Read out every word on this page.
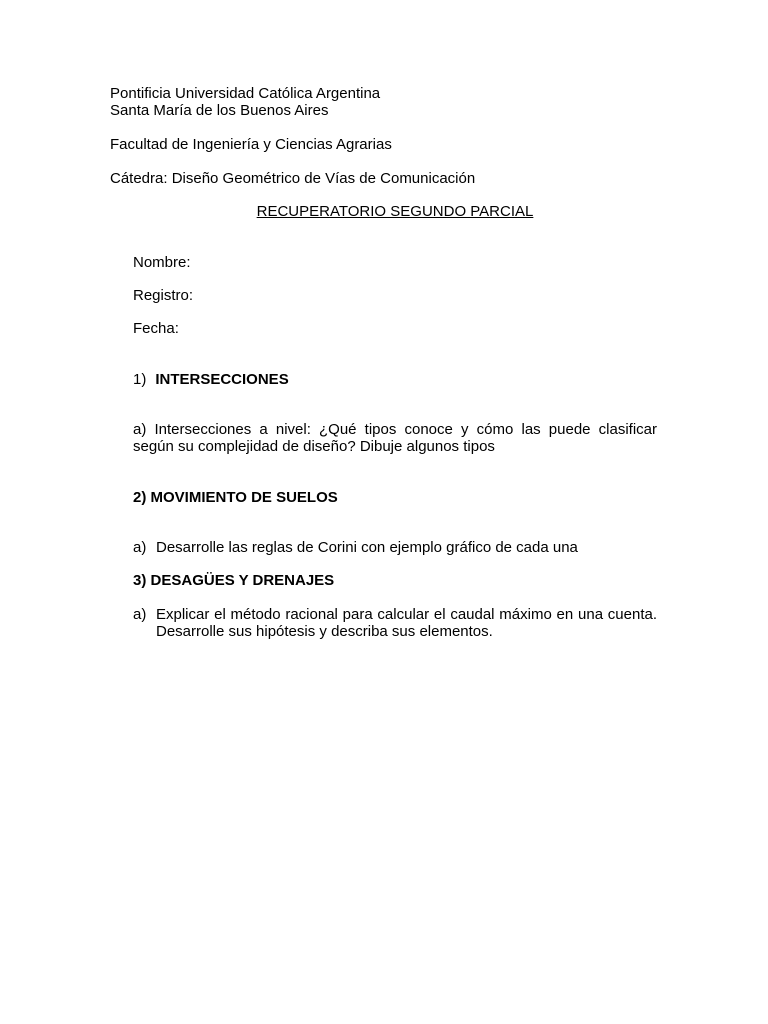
Pontificia Universidad Católica Argentina
Santa María de los Buenos Aires
Facultad de Ingeniería y Ciencias Agrarias
Cátedra: Diseño Geométrico de Vías de Comunicación
RECUPERATORIO SEGUNDO PARCIAL
Nombre:
Registro:
Fecha:
1) INTERSECCIONES
a) Intersecciones a nivel: ¿Qué tipos conoce y cómo las puede clasificar según su complejidad de diseño? Dibuje algunos tipos
2) MOVIMIENTO DE SUELOS
a) Desarrolle las reglas de Corini con ejemplo gráfico de cada una
3) DESAGÜES Y DRENAJES
a) Explicar el método racional para calcular el caudal máximo en una cuenta. Desarrolle sus hipótesis y describa sus elementos.
